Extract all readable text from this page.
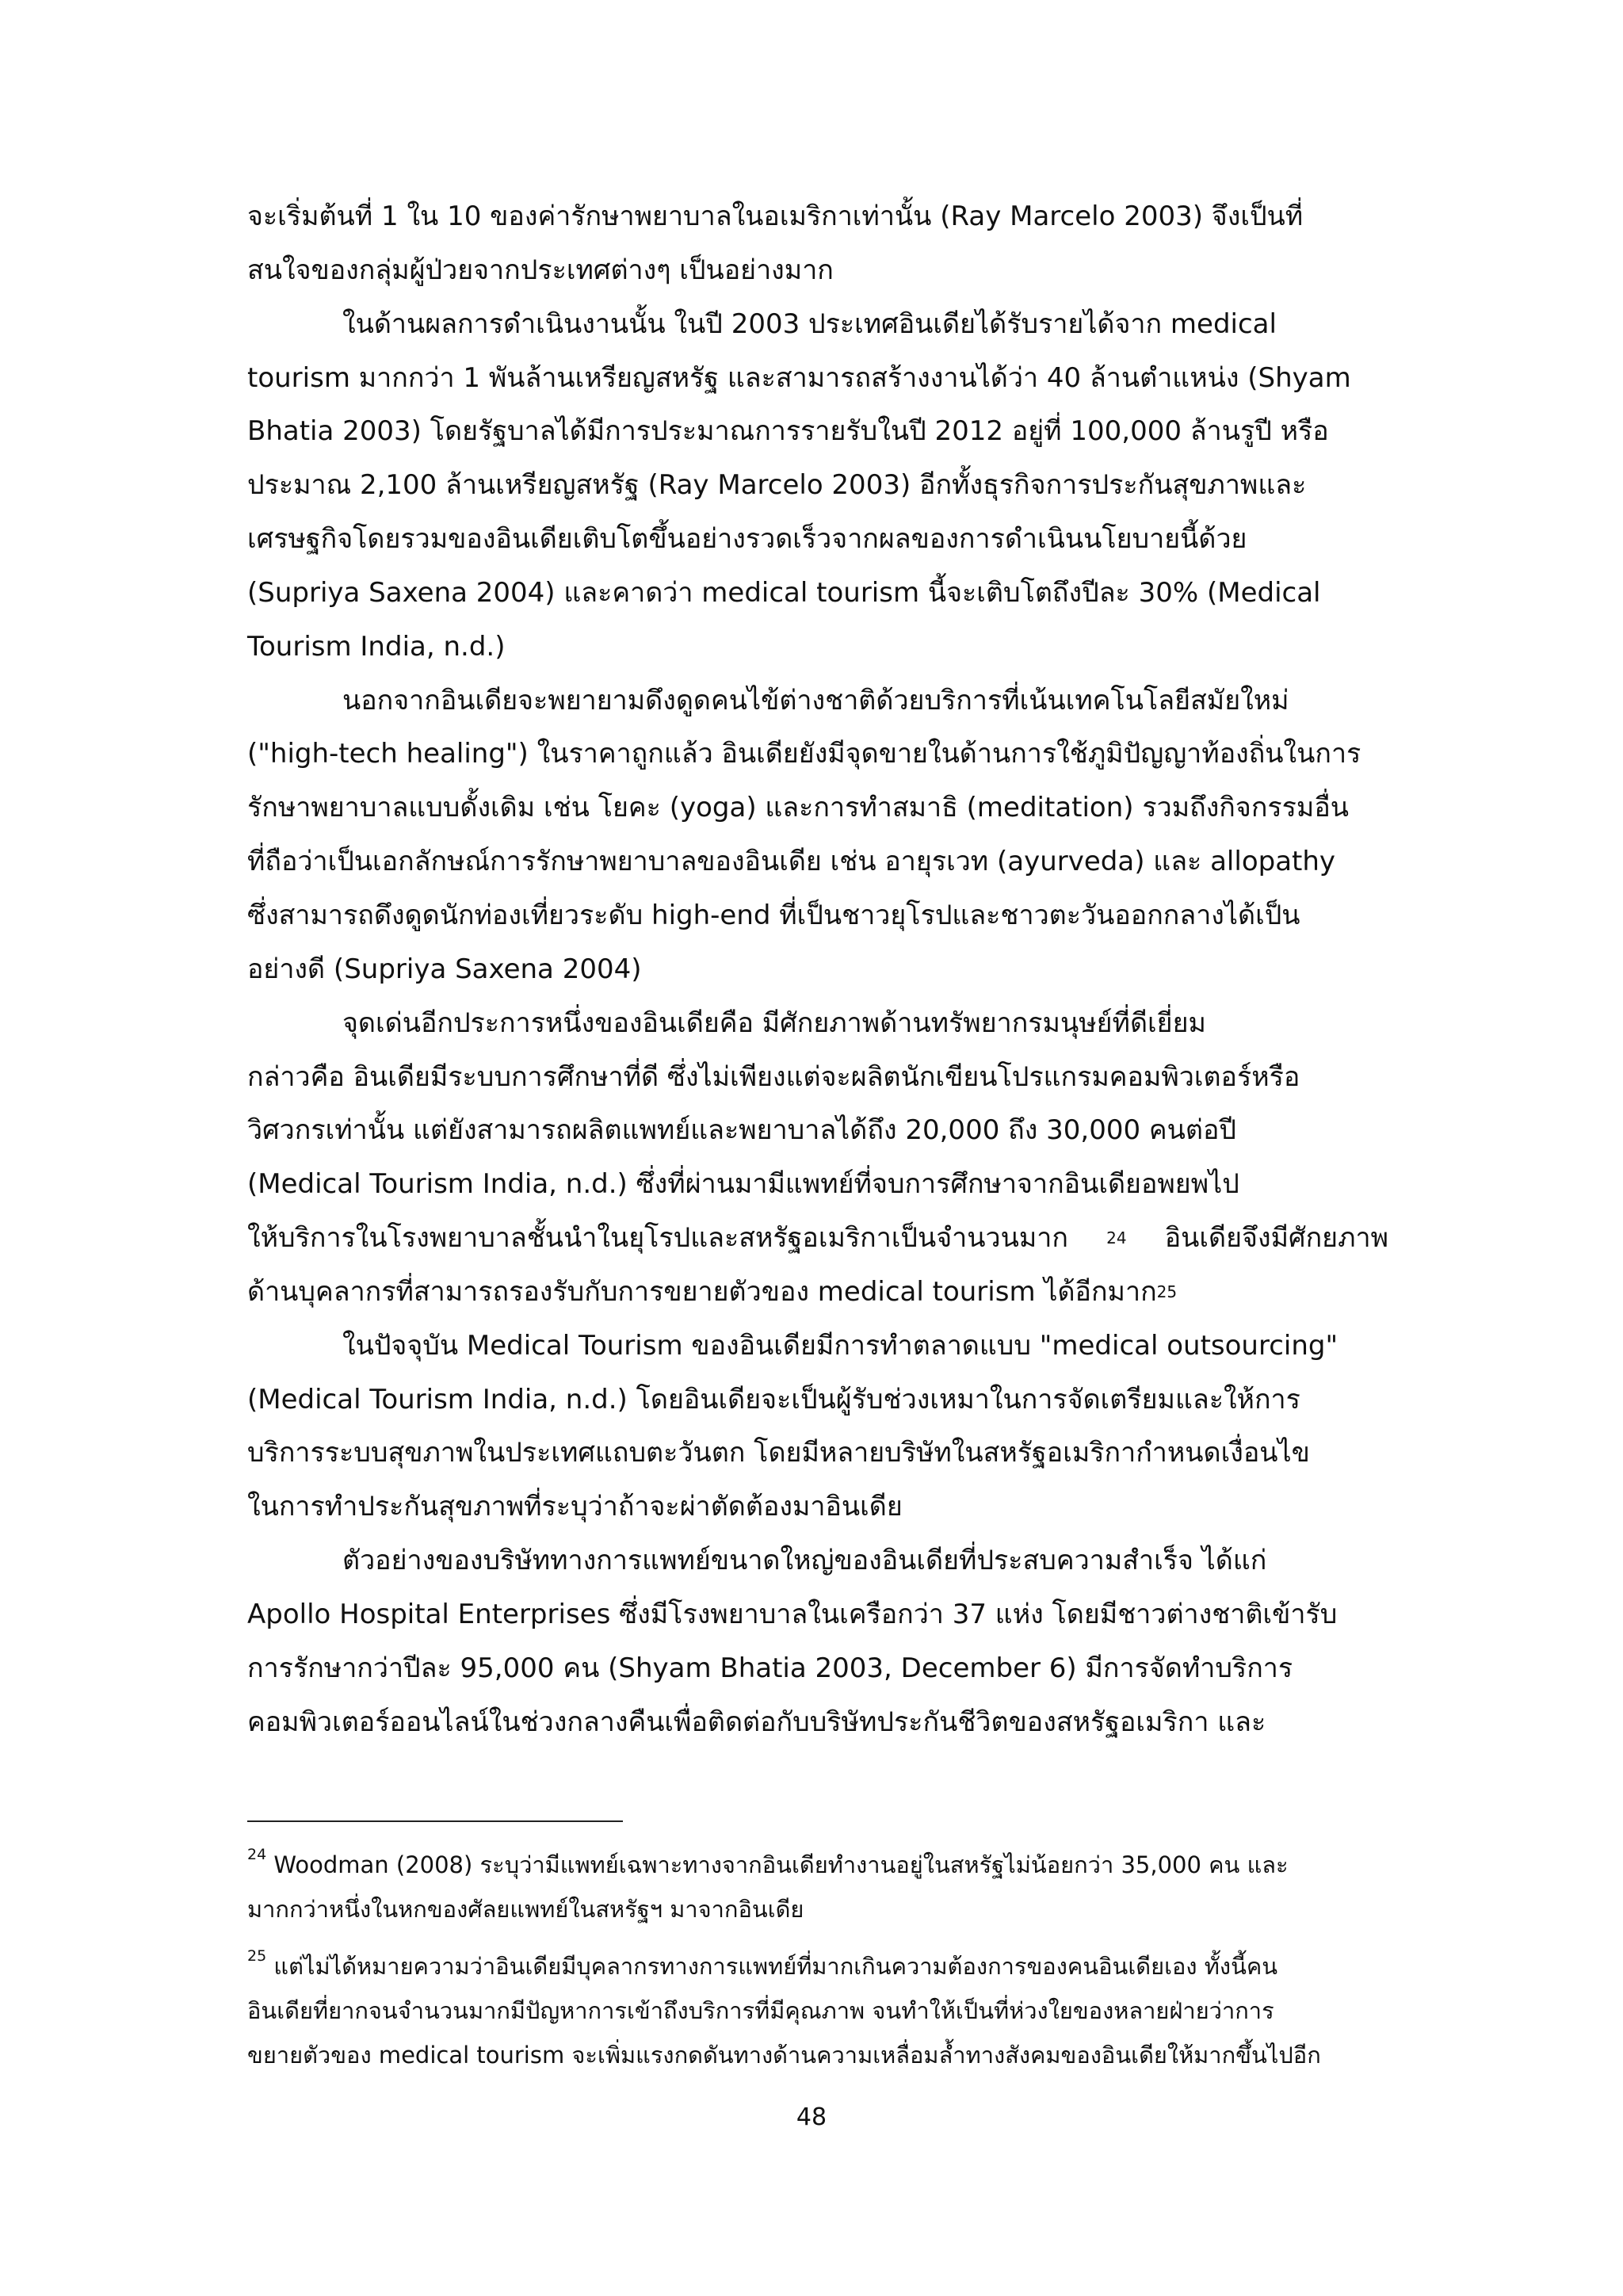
จะเริ่มต้นที่ 1 ใน 10 ของค่ารักษาพยาบาลในอเมริกาเท่านั้น (Ray Marcelo 2003) จึงเป็นที่
สนใจของกลุ่มผู้ป่วยจากประเทศต่างๆ เป็นอย่างมาก
ในด้านผลการดำเนินงานนั้น ในปี 2003 ประเทศอินเดียได้รับรายได้จาก medical
tourism มากกว่า 1 พันล้านเหรียญสหรัฐ และสามารถสร้างงานได้ว่า 40 ล้านตำแหน่ง (Shyam
Bhatia 2003) โดยรัฐบาลได้มีการประมาณการรายรับในปี 2012 อยู่ที่ 100,000 ล้านรูปี หรือ
ประมาณ 2,100 ล้านเหรียญสหรัฐ (Ray Marcelo 2003) อีกทั้งธุรกิจการประกันสุขภาพและ
เศรษฐกิจโดยรวมของอินเดียเติบโตขึ้นอย่างรวดเร็วจากผลของการดำเนินนโยบายนี้ด้วย
(Supriya Saxena 2004) และคาดว่า medical tourism นี้จะเติบโตถึงปีละ 30% (Medical
Tourism India, n.d.)
นอกจากอินเดียจะพยายามดึงดูดคนไข้ต่างชาติด้วยบริการที่เน้นเทคโนโลยีสมัยใหม่
("high-tech healing") ในราคาถูกแล้ว อินเดียยังมีจุดขายในด้านการใช้ภูมิปัญญาท้องถิ่นในการ
รักษาพยาบาลแบบดั้งเดิม เช่น โยคะ (yoga) และการทำสมาธิ (meditation) รวมถึงกิจกรรมอื่น
ที่ถือว่าเป็นเอกลักษณ์การรักษาพยาบาลของอินเดีย เช่น อายุรเวท (ayurveda) และ allopathy
ซึ่งสามารถดึงดูดนักท่องเที่ยวระดับ high-end ที่เป็นชาวยุโรปและชาวตะวันออกกลางได้เป็น
อย่างดี (Supriya Saxena 2004)
จุดเด่นอีกประการหนึ่งของอินเดียคือ มีศักยภาพด้านทรัพยากรมนุษย์ที่ดีเยี่ยม
กล่าวคือ อินเดียมีระบบการศึกษาที่ดี ซึ่งไม่เพียงแต่จะผลิตนักเขียนโปรแกรมคอมพิวเตอร์หรือ
วิศวกรเท่านั้น แต่ยังสามารถผลิตแพทย์และพยาบาลได้ถึง 20,000 ถึง 30,000 คนต่อปี
(Medical Tourism India, n.d.) ซึ่งที่ผ่านมามีแพทย์ที่จบการศึกษาจากอินเดียอพยพไป
ให้บริการในโรงพยาบาลชั้นนำในยุโรปและสหรัฐอเมริกาเป็นจำนวนมาก $^{24}$ อินเดียจึงมีศักยภาพ
ด้านบุคลากรที่สามารถรองรับกับการขยายตัวของ medical tourism ได้อีกมาก$^{25}$
ในปัจจุบัน Medical Tourism ของอินเดียมีการทำตลาดแบบ "medical outsourcing"
(Medical Tourism India, n.d.) โดยอินเดียจะเป็นผู้รับช่วงเหมาในการจัดเตรียมและให้การ
บริการระบบสุขภาพในประเทศแถบตะวันตก โดยมีหลายบริษัทในสหรัฐอเมริกากำหนดเงื่อนไข
ในการทำประกันสุขภาพที่ระบุว่าถ้าจะผ่าตัดต้องมาอินเดีย
ตัวอย่างของบริษัททางการแพทย์ขนาดใหญ่ของอินเดียที่ประสบความสำเร็จ ได้แก่
Apollo Hospital Enterprises ซึ่งมีโรงพยาบาลในเครือกว่า 37 แห่ง โดยมีชาวต่างชาติเข้ารับ
การรักษากว่าปีละ 95,000 คน (Shyam Bhatia 2003, December 6) มีการจัดทำบริการ
คอมพิวเตอร์ออนไลน์ในช่วงกลางคืนเพื่อติดต่อกับบริษัทประกันชีวิตของสหรัฐอเมริกา และ
$^{24}$ Woodman (2008) ระบุว่ามีแพทย์เฉพาะทางจากอินเดียทำงานอยู่ในสหรัฐไม่น้อยกว่า 35,000 คน และ
มากกว่าหนึ่งในหกของศัลยแพทย์ในสหรัฐฯ มาจากอินเดีย
$^{25}$ แต่ไม่ได้หมายความว่าอินเดียมีบุคลากรทางการแพทย์ที่มากเกินความต้องการของคนอินเดียเอง ทั้งนี้คน
อินเดียที่ยากจนจำนวนมากมีปัญหาการเข้าถึงบริการที่มีคุณภาพ จนทำให้เป็นที่ห่วงใยของหลายฝ่ายว่าการ
ขยายตัวของ medical tourism จะเพิ่มแรงกดดันทางด้านความเหลื่อมล้ำทางสังคมของอินเดียให้มากขึ้นไปอีก
48
